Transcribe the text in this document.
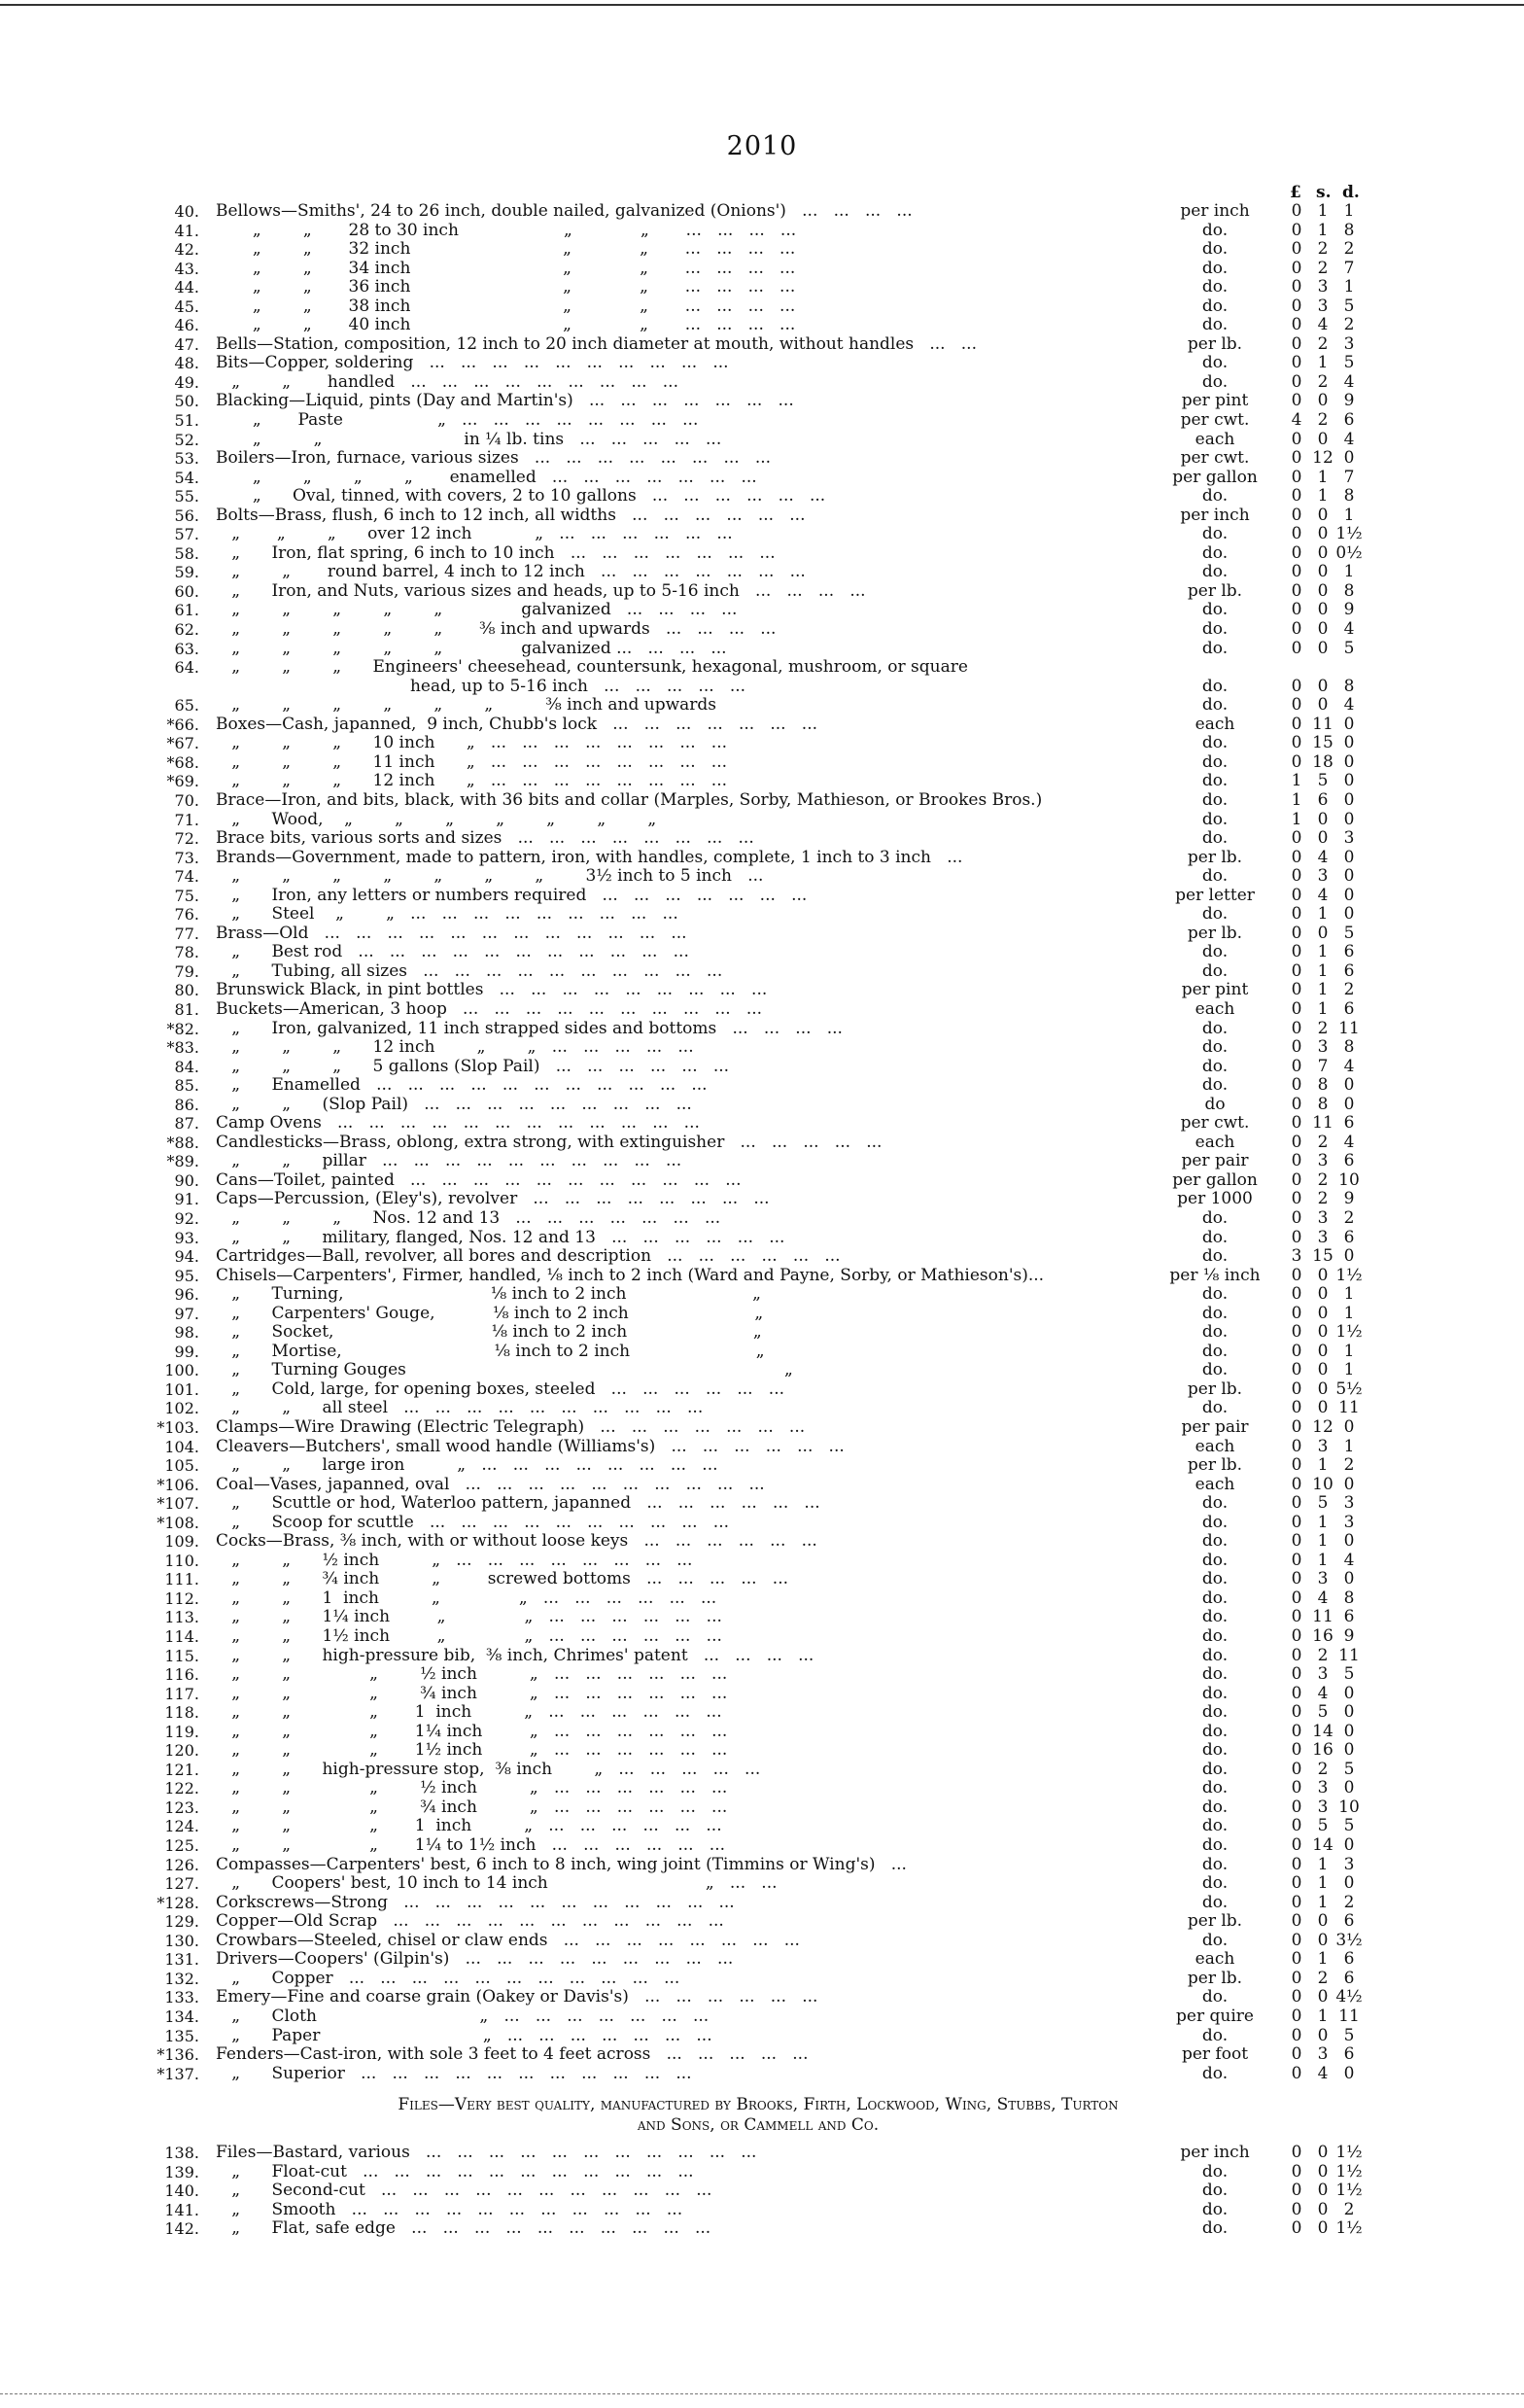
2010
£ s. d.
40. Bellows—Smiths', 24 to 26 inch, double nailed, galvanized (Onions')   ...   ...   ...   ...	per inch	0 1 1
41. „        „       28 to 30 inch                    „             „       ...   ...   ...   ...	do.	0 1 8
42. „        „       32 inch                             „             „       ...   ...   ...   ...	do.	0 2 2
43. „        „       34 inch                             „             „       ...   ...   ...   ...	do.	0 2 7
44. „        „       36 inch                             „             „       ...   ...   ...   ...	do.	0 3 1
45. „        „       38 inch                             „             „       ...   ...   ...   ...	do.	0 3 5
46. „        „       40 inch                             „             „       ...   ...   ...   ...	do.	0 4 2
47. Bells—Station, composition, 12 inch to 20 inch diameter at mouth, without handles   ...   ...	per lb.	0 2 3
48. Bits—Copper, soldering   ...   ...   ...   ...   ...   ...   ...   ...   ...   ...	do.	0 1 5
49. „        „       handled   ...   ...   ...   ...   ...   ...   ...   ...   ...	do.	0 2 4
50. Blacking—Liquid, pints (Day and Martin's)   ...   ...   ...   ...   ...   ...   ...	per pint	0 0 9
51. „       Paste                  „   ...   ...   ...   ...   ...   ...   ...   ...	per cwt.	4 2 6
52. „          „                           in ¼ lb. tins   ...   ...   ...   ...   ...	each	0 0 4
53. Boilers—Iron, furnace, various sizes   ...   ...   ...   ...   ...   ...   ...   ...	per cwt.	0 12 0
54. „        „        „        „       enamelled   ...   ...   ...   ...   ...   ...   ...	per gallon	0 1 7
55. „      Oval, tinned, with covers, 2 to 10 gallons   ...   ...   ...   ...   ...   ...	do.	0 1 8
56. Bolts—Brass, flush, 6 inch to 12 inch, all widths   ...   ...   ...   ...   ...   ...	per inch	0 0 1
57. „       „        „      over 12 inch            „   ...   ...   ...   ...   ...   ...	do.	0 0 1½
58. „      Iron, flat spring, 6 inch to 10 inch   ...   ...   ...   ...   ...   ...   ...	do.	0 0 0½
59. „        „       round barrel, 4 inch to 12 inch   ...   ...   ...   ...   ...   ...   ...	do.	0 0 1
60. „      Iron, and Nuts, various sizes and heads, up to 5-16 inch   ...   ...   ...   ...	per lb.	0 0 8
61. „        „        „        „        „               galvanized   ...   ...   ...   ...	do.	0 0 9
62. „        „        „        „        „       ⅜ inch and upwards   ...   ...   ...   ...	do.	0 0 4
63. „        „        „        „        „               galvanized ...   ...   ...   ...	do.	0 0 5
64. „        „        „      Engineers' cheesehead, countersunk, hexagonal, mushroom, or square
head, up to 5-16 inch   ...   ...   ...   ...   ...	do.	0 0 8
65. „        „        „        „        „        „          ⅜ inch and upwards	do.	0 0 4
*66. Boxes—Cash, japanned,  9 inch, Chubb's lock   ...   ...   ...   ...   ...   ...   ...	each	0 11 0
*67. „        „        „      10 inch      „   ...   ...   ...   ...   ...   ...   ...   ...	do.	0 15 0
*68. „        „        „      11 inch      „   ...   ...   ...   ...   ...   ...   ...   ...	do.	0 18 0
*69. „        „        „      12 inch      „   ...   ...   ...   ...   ...   ...   ...   ...	do.	1 5 0
70. Brace—Iron, and bits, black, with 36 bits and collar (Marples, Sorby, Mathieson, or Brookes Bros.)	do.	1 6 0
71. „      Wood,    „        „        „        „        „        „        „	do.	1 0 0
72. Brace bits, various sorts and sizes   ...   ...   ...   ...   ...   ...   ...   ...	do.	0 0 3
73. Brands—Government, made to pattern, iron, with handles, complete, 1 inch to 3 inch   ...	per lb.	0 4 0
74. „        „        „        „        „        „        „        3½ inch to 5 inch   ...	do.	0 3 0
75. „      Iron, any letters or numbers required   ...   ...   ...   ...   ...   ...   ...	per letter	0 4 0
76. „      Steel    „        „   ...   ...   ...   ...   ...   ...   ...   ...   ...	do.	0 1 0
77. Brass—Old   ...   ...   ...   ...   ...   ...   ...   ...   ...   ...   ...   ...	per lb.	0 0 5
78. „      Best rod   ...   ...   ...   ...   ...   ...   ...   ...   ...   ...   ...	do.	0 1 6
79. „      Tubing, all sizes   ...   ...   ...   ...   ...   ...   ...   ...   ...   ...	do.	0 1 6
80. Brunswick Black, in pint bottles   ...   ...   ...   ...   ...   ...   ...   ...   ...	per pint	0 1 2
81. Buckets—American, 3 hoop   ...   ...   ...   ...   ...   ...   ...   ...   ...   ...	each	0 1 6
*82. „      Iron, galvanized, 11 inch strapped sides and bottoms   ...   ...   ...   ...	do.	0 2 11
*83. „        „        „      12 inch        „        „   ...   ...   ...   ...   ...	do.	0 3 8
84. „        „        „      5 gallons (Slop Pail)   ...   ...   ...   ...   ...   ...	do.	0 7 4
85. „      Enamelled   ...   ...   ...   ...   ...   ...   ...   ...   ...   ...   ...	do.	0 8 0
86. „        „      (Slop Pail)   ...   ...   ...   ...   ...   ...   ...   ...   ...	do	0 8 0
87. Camp Ovens   ...   ...   ...   ...   ...   ...   ...   ...   ...   ...   ...   ...	per cwt.	0 11 6
*88. Candlesticks—Brass, oblong, extra strong, with extinguisher   ...   ...   ...   ...   ...	each	0 2 4
*89. „        „      pillar   ...   ...   ...   ...   ...   ...   ...   ...   ...   ...	per pair	0 3 6
90. Cans—Toilet, painted   ...   ...   ...   ...   ...   ...   ...   ...   ...   ...   ...	per gallon	0 2 10
91. Caps—Percussion, (Eley's), revolver   ...   ...   ...   ...   ...   ...   ...   ...	per 1000	0 2 9
92. „        „        „      Nos. 12 and 13   ...   ...   ...   ...   ...   ...   ...	do.	0 3 2
93. „        „      military, flanged, Nos. 12 and 13   ...   ...   ...   ...   ...   ...	do.	0 3 6
94. Cartridges—Ball, revolver, all bores and description   ...   ...   ...   ...   ...   ...	do.	3 15 0
95. Chisels—Carpenters', Firmer, handled, ⅛ inch to 2 inch (Ward and Payne, Sorby, or Mathieson's)...	per ⅛ inch	0 0 1½
96. „      Turning,                            ⅛ inch to 2 inch                        „	do.	0 0 1
97. „      Carpenters' Gouge,           ⅛ inch to 2 inch                        „	do.	0 0 1
98. „      Socket,                              ⅛ inch to 2 inch                        „	do.	0 0 1½
99. „      Mortise,                             ⅛ inch to 2 inch                        „	do.	0 0 1
100. „      Turning Gouges                                                                        „	do.	0 0 1
101. „      Cold, large, for opening boxes, steeled   ...   ...   ...   ...   ...   ...	per lb.	0 0 5½
102. „        „      all steel   ...   ...   ...   ...   ...   ...   ...   ...   ...   ...	do.	0 0 11
*103. Clamps—Wire Drawing (Electric Telegraph)   ...   ...   ...   ...   ...   ...   ...	per pair	0 12 0
104. Cleavers—Butchers', small wood handle (Williams's)   ...   ...   ...   ...   ...   ...	each	0 3 1
105. „        „      large iron          „   ...   ...   ...   ...   ...   ...   ...   ...	per lb.	0 1 2
*106. Coal—Vases, japanned, oval   ...   ...   ...   ...   ...   ...   ...   ...   ...   ...	each	0 10 0
*107. „      Scuttle or hod, Waterloo pattern, japanned   ...   ...   ...   ...   ...   ...	do.	0 5 3
*108. „      Scoop for scuttle   ...   ...   ...   ...   ...   ...   ...   ...   ...   ...	do.	0 1 3
109. Cocks—Brass, ⅜ inch, with or without loose keys   ...   ...   ...   ...   ...   ...	do.	0 1 0
110. „        „      ½ inch          „   ...   ...   ...   ...   ...   ...   ...   ...	do.	0 1 4
111. „        „      ¾ inch          „         screwed bottoms   ...   ...   ...   ...   ...	do.	0 3 0
112. „        „      1  inch          „               „   ...   ...   ...   ...   ...   ...	do.	0 4 8
113. „        „      1¼ inch         „               „   ...   ...   ...   ...   ...   ...	do.	0 11 6
114. „        „      1½ inch         „               „   ...   ...   ...   ...   ...   ...	do.	0 16 9
115. „        „      high-pressure bib,  ⅜ inch, Chrimes' patent   ...   ...   ...   ...	do.	0 2 11
116. „        „               „        ½ inch          „   ...   ...   ...   ...   ...   ...	do.	0 3 5
117. „        „               „        ¾ inch          „   ...   ...   ...   ...   ...   ...	do.	0 4 0
118. „        „               „       1  inch          „   ...   ...   ...   ...   ...   ...	do.	0 5 0
119. „        „               „       1¼ inch         „   ...   ...   ...   ...   ...   ...	do.	0 14 0
120. „        „               „       1½ inch         „   ...   ...   ...   ...   ...   ...	do.	0 16 0
121. „        „      high-pressure stop,  ⅜ inch        „   ...   ...   ...   ...   ...	do.	0 2 5
122. „        „               „        ½ inch          „   ...   ...   ...   ...   ...   ...	do.	0 3 0
123. „        „               „        ¾ inch          „   ...   ...   ...   ...   ...   ...	do.	0 3 10
124. „        „               „       1  inch          „   ...   ...   ...   ...   ...   ...	do.	0 5 5
125. „        „               „       1¼ to 1½ inch   ...   ...   ...   ...   ...   ...	do.	0 14 0
126. Compasses—Carpenters' best, 6 inch to 8 inch, wing joint (Timmins or Wing's)   ...	do.	0 1 3
127. „      Coopers' best, 10 inch to 14 inch                              „   ...   ...	do.	0 1 0
*128. Corkscrews—Strong   ...   ...   ...   ...   ...   ...   ...   ...   ...   ...   ...	do.	0 1 2
129. Copper—Old Scrap   ...   ...   ...   ...   ...   ...   ...   ...   ...   ...   ...	per lb.	0 0 6
130. Crowbars—Steeled, chisel or claw ends   ...   ...   ...   ...   ...   ...   ...   ...	do.	0 0 3½
131. Drivers—Coopers' (Gilpin's)   ...   ...   ...   ...   ...   ...   ...   ...   ...	each	0 1 6
132. „      Copper   ...   ...   ...   ...   ...   ...   ...   ...   ...   ...   ...	per lb.	0 2 6
133. Emery—Fine and coarse grain (Oakey or Davis's)   ...   ...   ...   ...   ...   ...	do.	0 0 4½
134. „      Cloth                               „   ...   ...   ...   ...   ...   ...   ...	per quire	0 1 11
135. „      Paper                               „   ...   ...   ...   ...   ...   ...   ...	do.	0 0 5
*136. Fenders—Cast-iron, with sole 3 feet to 4 feet across   ...   ...   ...   ...   ...	per foot	0 3 6
*137. „      Superior   ...   ...   ...   ...   ...   ...   ...   ...   ...   ...   ...	do.	0 4 0
Files—Very best quality, manufactured by Brooks, Firth, Lockwood, Wing, Stubbs, Turton
and Sons, or Cammell and Co.
138. Files—Bastard, various   ...   ...   ...   ...   ...   ...   ...   ...   ...   ...   ...	per inch	0 0 1½
139. „      Float-cut   ...   ...   ...   ...   ...   ...   ...   ...   ...   ...   ...	do.	0 0 1½
140. „      Second-cut   ...   ...   ...   ...   ...   ...   ...   ...   ...   ...   ...	do.	0 0 1½
141. „      Smooth   ...   ...   ...   ...   ...   ...   ...   ...   ...   ...   ...	do.	0 0 2
142. „      Flat, safe edge   ...   ...   ...   ...   ...   ...   ...   ...   ...   ...	do.	0 0 1½
